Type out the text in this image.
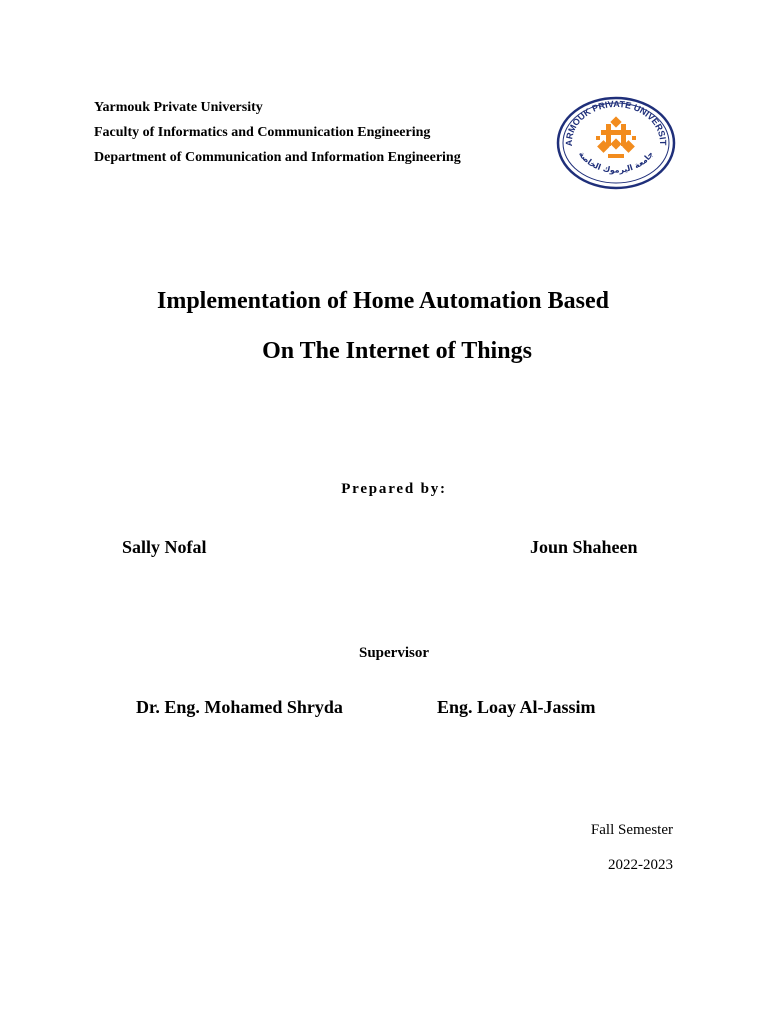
Yarmouk Private University

Faculty of Informatics and Communication Engineering

Department of Communication and Information Engineering

ARMOUK PRIVATE UNIVERSIT
جامعة اليرموك الخاصة
Implementation of Home Automation Based
On The Internet of Things

Prepared by:

Sally Nofal	Joun Shaheen

Supervisor

Dr. Eng. Mohamed Shryda	Eng. Loay Al-Jassim

Fall Semester

2022-2023
